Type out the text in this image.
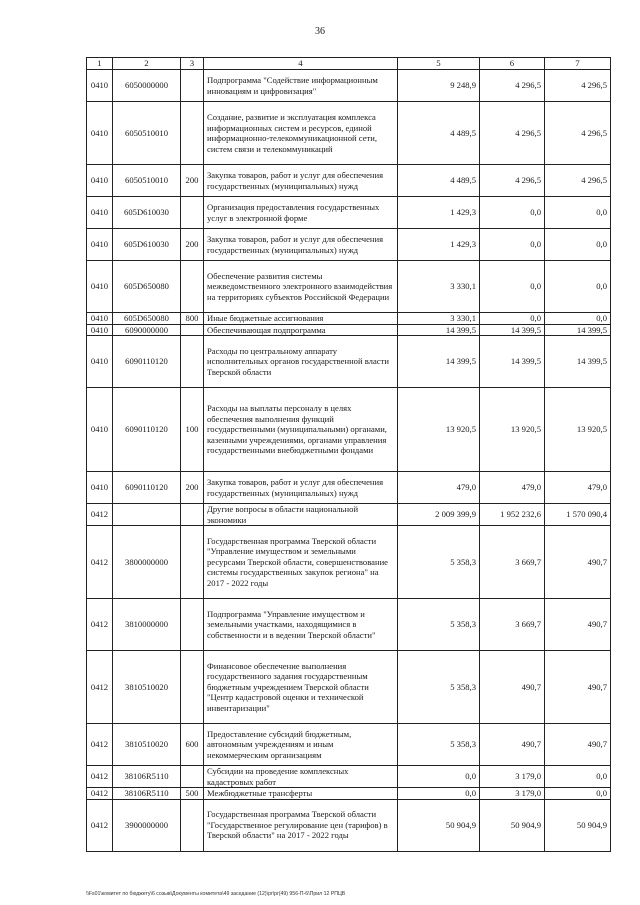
36
1	2	3	4	5	6	7
0410	6050000000		Подпрограмма "Содействие информационным инновациям и цифровизация"	9 248,9	4 296,5	4 296,5
0410	6050510010		Создание, развитие и эксплуатация комплекса информационных систем и ресурсов, единой информационно-телекоммуникационной сети, систем связи и телекоммуникаций	4 489,5	4 296,5	4 296,5
0410	6050510010	200	Закупка товаров, работ и услуг для обеспечения государственных (муниципальных) нужд	4 489,5	4 296,5	4 296,5
0410	605D610030		Организация предоставления государственных услуг в электронной форме	1 429,3	0,0	0,0
0410	605D610030	200	Закупка товаров, работ и услуг для обеспечения государственных (муниципальных) нужд	1 429,3	0,0	0,0
0410	605D650080		Обеспечение развития системы межведомственного электронного взаимодействия на территориях субъектов Российской Федерации	3 330,1	0,0	0,0
0410	605D650080	800	Иные бюджетные ассигнования	3 330,1	0,0	0,0
0410	6090000000		Обеспечивающая подпрограмма	14 399,5	14 399,5	14 399,5
0410	6090110120		Расходы по центральному аппарату исполнительных органов государственной власти Тверской области	14 399,5	14 399,5	14 399,5
0410	6090110120	100	Расходы на выплаты персоналу в целях обеспечения выполнения функций государственными (муниципальными) органами, казенными учреждениями, органами управления государственными внебюджетными фондами	13 920,5	13 920,5	13 920,5
0410	6090110120	200	Закупка товаров, работ и услуг для обеспечения государственных (муниципальных) нужд	479,0	479,0	479,0
0412			Другие вопросы в области национальной экономики	2 009 399,9	1 952 232,6	1 570 090,4
0412	3800000000		Государственная программа Тверской области "Управление имуществом и земельными ресурсами Тверской области, совершенствование системы государственных закупок региона" на 2017 - 2022 годы	5 358,3	3 669,7	490,7
0412	3810000000		Подпрограмма "Управление имуществом и земельными участками, находящимися в собственности и в ведении Тверской области"	5 358,3	3 669,7	490,7
0412	3810510020		Финансовое обеспечение выполнения государственного задания государственным бюджетным учреждением Тверской области "Центр кадастровой оценки и технической инвентаризации"	5 358,3	490,7	490,7
0412	3810510020	600	Предоставление субсидий бюджетным, автономным учреждениям и иным некоммерческим организациям	5 358,3	490,7	490,7
0412	38106R5110		Субсидии на проведение комплексных кадастровых работ	0,0	3 179,0	0,0
0412	38106R5110	500	Межбюджетные трансферты	0,0	3 179,0	0,0
0412	3900000000		Государственная программа Тверской области "Государственное регулирование цен (тарифов) в Тверской области" на 2017 - 2022 годы	50 904,9	50 904,9	50 904,9
\\Fs01\комитет по бюджету\6 созыв\Документы комитета\49 заседание (12)\pr\pr(49) 956-П-6\Прил 12 РПЦВ
